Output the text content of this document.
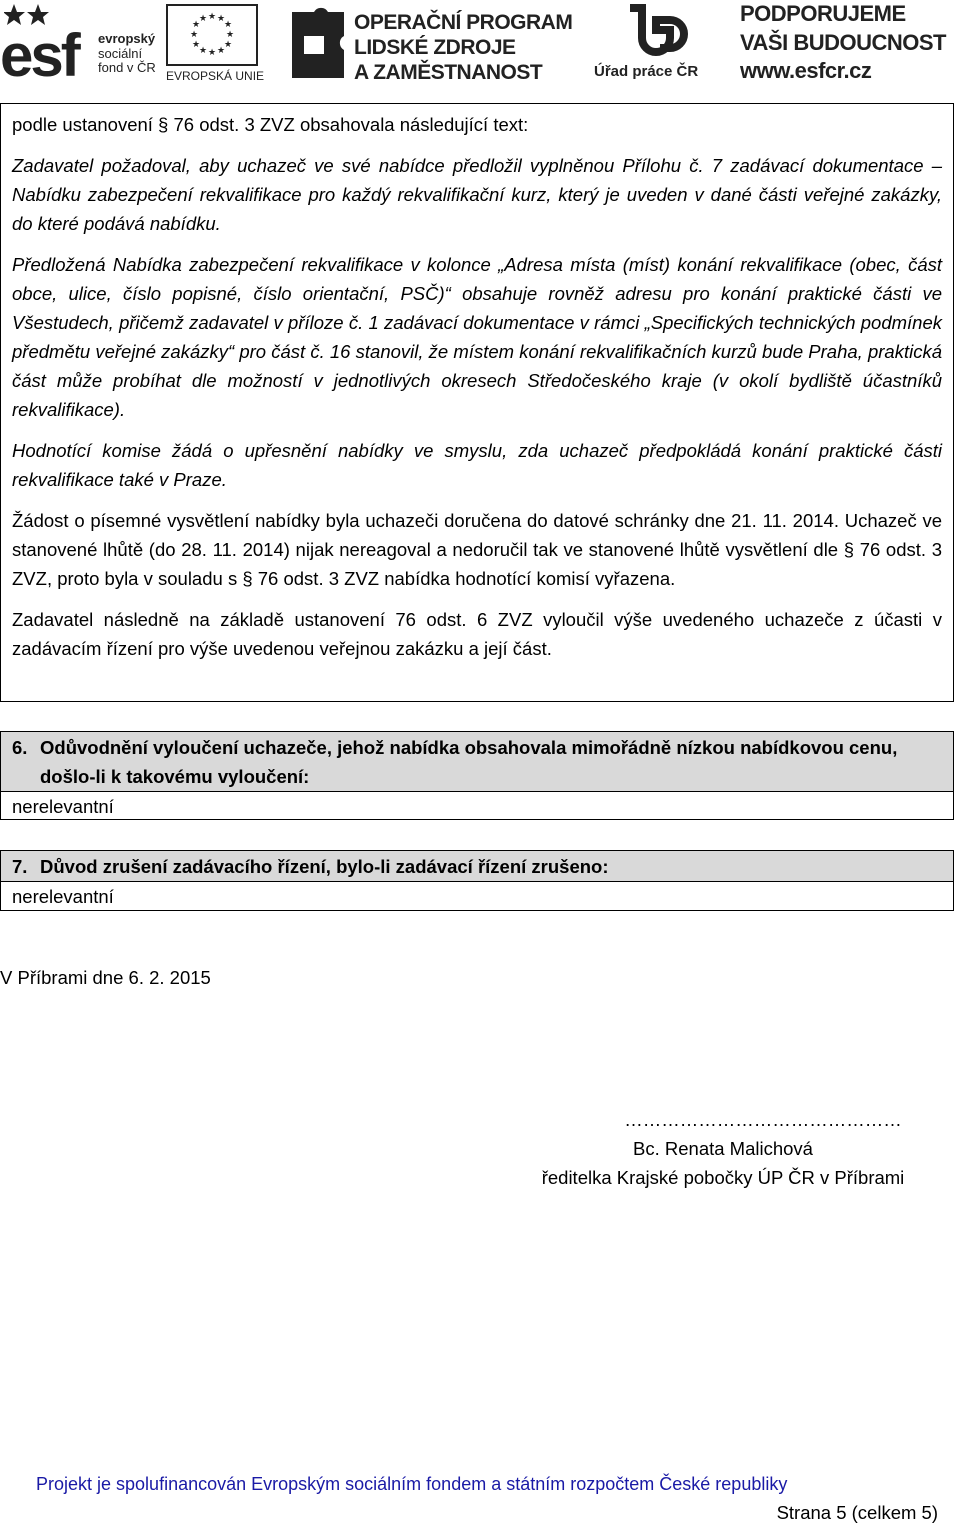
esf evropský
sociální
fond v ČR
★ ★
★
★
★
★
★
★
★
★
★
★
EVROPSKÁ UNIE
OPERAČNÍ PROGRAM
LIDSKÉ ZDROJE
A ZAMĚSTNANOST	Úřad práce ČR
PODPORUJEME
VAŠI BUDOUCNOST
www.esfcr.cz

podle ustanovení § 76 odst. 3 ZVZ obsahovala následující text:

Zadavatel požadoval, aby uchazeč ve své nabídce předložil vyplněnou Přílohu č. 7 zadávací dokumentace – Nabídku zabezpečení rekvalifikace pro každý rekvalifikační kurz, který je uveden v dané části veřejné zakázky, do které podává nabídku.

Předložená Nabídka zabezpečení rekvalifikace v kolonce „Adresa místa (míst) konání rekvalifikace (obec, část obce, ulice, číslo popisné, číslo orientační, PSČ)“ obsahuje rovněž adresu pro konání praktické části ve Všestudech, přičemž zadavatel v příloze č. 1 zadávací dokumentace v rámci „Specifických technických podmínek předmětu veřejné zakázky“ pro část č. 16 stanovil, že místem konání rekvalifikačních kurzů bude Praha, praktická část může probíhat dle možností v jednotlivých okresech Středočeského kraje (v okolí bydliště účastníků rekvalifikace).

Hodnotící komise žádá o upřesnění nabídky ve smyslu, zda uchazeč předpokládá konání praktické části rekvalifikace také v Praze.

Žádost o písemné vysvětlení nabídky byla uchazeči doručena do datové schránky dne 21. 11. 2014. Uchazeč ve stanovené lhůtě (do 28. 11. 2014) nijak nereagoval a nedoručil tak ve stanovené lhůtě vysvětlení dle § 76 odst. 3 ZVZ, proto byla v souladu s § 76 odst. 3 ZVZ nabídka hodnotící komisí vyřazena.

Zadavatel následně na základě ustanovení 76 odst. 6 ZVZ vyloučil výše uvedeného uchazeče z účasti v zadávacím řízení pro výše uvedenou veřejnou zakázku a její část.

6. Odůvodnění vyloučení uchazeče, jehož nabídka obsahovala mimořádně nízkou nabídkovou cenu, došlo-li k takovému vyloučení:
nerelevantní
7. Důvod zrušení zadávacího řízení, bylo-li zadávací řízení zrušeno:
nerelevantní
V Příbrami dne 6. 2. 2015
………………………………………
Bc. Renata Malichová
ředitelka Krajské pobočky ÚP ČR v Příbrami
Projekt je spolufinancován Evropským sociálním fondem a státním rozpočtem České republiky
Strana 5 (celkem 5)
